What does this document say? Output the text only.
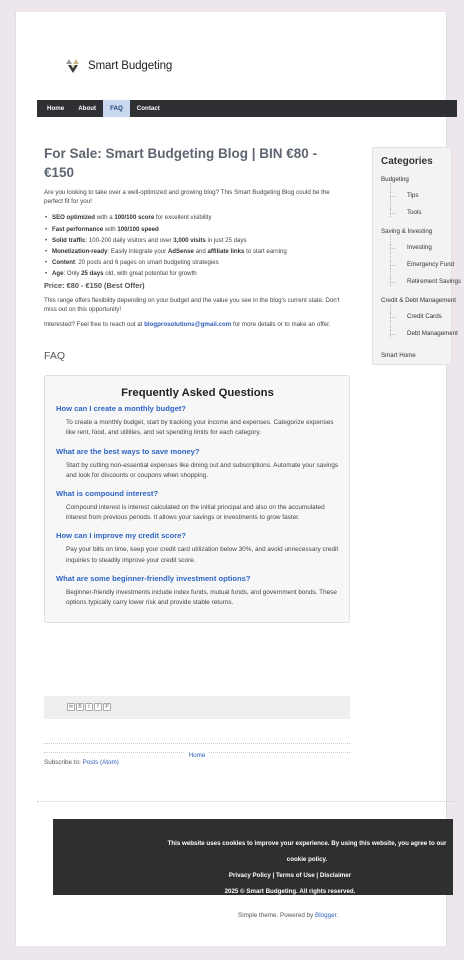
Smart Budgeting
Home	About	FAQ	Contact
For Sale: Smart Budgeting Blog | BIN €80 - €150

Are you looking to take over a well-optimized and growing blog? This Smart Budgeting Blog could be the perfect fit for you!

• SEO optimized with a 100/100 score for excellent visibility
• Fast performance with 100/100 speed
• Solid traffic: 100-200 daily visitors and over 3,000 visits in just 25 days
• Monetization-ready: Easily integrate your AdSense and affiliate links to start earning
• Content: 20 posts and 6 pages on smart budgeting strategies
• Age: Only 25 days old, with great potential for growth
Price: €80 - €150 (Best Offer)

This range offers flexibility depending on your budget and the value you see in the blog's current state. Don't miss out on this opportunity!

Interested? Feel free to reach out at blogprosolutions@gmail.com for more details or to make an offer.

FAQ
Frequently Asked Questions
How can I create a monthly budget?
To create a monthly budget, start by tracking your income and expenses. Categorize expenses like rent, food, and utilities, and set spending limits for each category.
What are the best ways to save money?
Start by cutting non-essential expenses like dining out and subscriptions. Automate your savings and look for discounts or coupons when shopping.
What is compound interest?
Compound interest is interest calculated on the initial principal and also on the accumulated interest from previous periods. It allows your savings or investments to grow faster.
How can I improve my credit score?
Pay your bills on time, keep your credit card utilization below 30%, and avoid unnecessary credit inquiries to steadily improve your credit score.
What are some beginner-friendly investment options?
Beginner-friendly investments include index funds, mutual funds, and government bonds. These options typically carry lower risk and provide stable returns.
✉	B	t	f	P
Home
Subscribe to: Posts (Atom)
This website uses cookies to improve your experience. By using this website, you agree to our cookie policy.
Privacy Policy | Terms of Use | Disclaimer
2025 © Smart Budgeting. All rights reserved.
Simple theme. Powered by Blogger.
Categories
Budgeting
Tips
Tools
Saving & Investing
Investing
Emergency Fund
Retirement Savings
Credit & Debt Management
Credit Cards
Debt Management
Smart Home
